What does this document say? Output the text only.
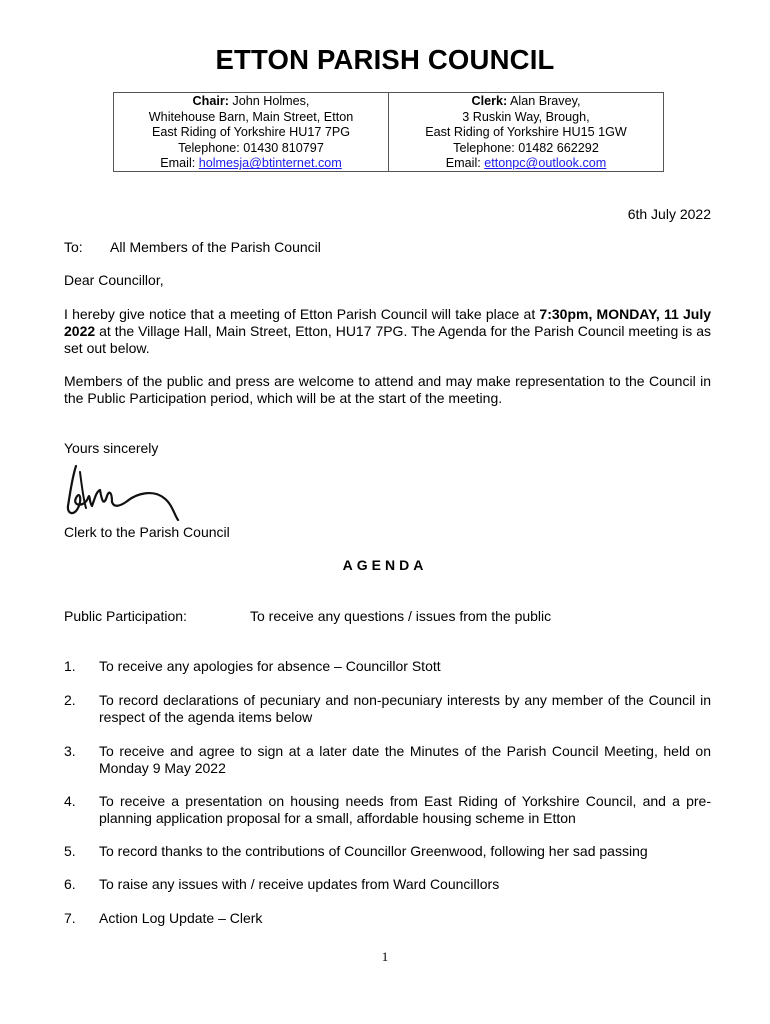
ETTON PARISH COUNCIL
Chair: John Holmes,
Whitehouse Barn, Main Street, Etton
East Riding of Yorkshire HU17 7PG
Telephone: 01430 810797
Email: holmesja@btinternet.com
Clerk: Alan Bravey,
3 Ruskin Way, Brough,
East Riding of Yorkshire HU15 1GW
Telephone: 01482 662292
Email: ettonpc@outlook.com
6th July 2022
To: All Members of the Parish Council
Dear Councillor,
I hereby give notice that a meeting of Etton Parish Council will take place at 7:30pm, MONDAY, 11 July 2022 at the Village Hall, Main Street, Etton, HU17 7PG. The Agenda for the Parish Council meeting is as set out below.
Members of the public and press are welcome to attend and may make representation to the Council in the Public Participation period, which will be at the start of the meeting.
Yours sincerely
Clerk to the Parish Council
AGENDA
Public Participation:	To receive any questions / issues from the public
1. To receive any apologies for absence – Councillor Stott
2. To record declarations of pecuniary and non-pecuniary interests by any member of the Council in respect of the agenda items below
3. To receive and agree to sign at a later date the Minutes of the Parish Council Meeting, held on Monday 9 May 2022
4. To receive a presentation on housing needs from East Riding of Yorkshire Council, and a pre-planning application proposal for a small, affordable housing scheme in Etton
5. To record thanks to the contributions of Councillor Greenwood, following her sad passing
6. To raise any issues with / receive updates from Ward Councillors
7. Action Log Update – Clerk
1
